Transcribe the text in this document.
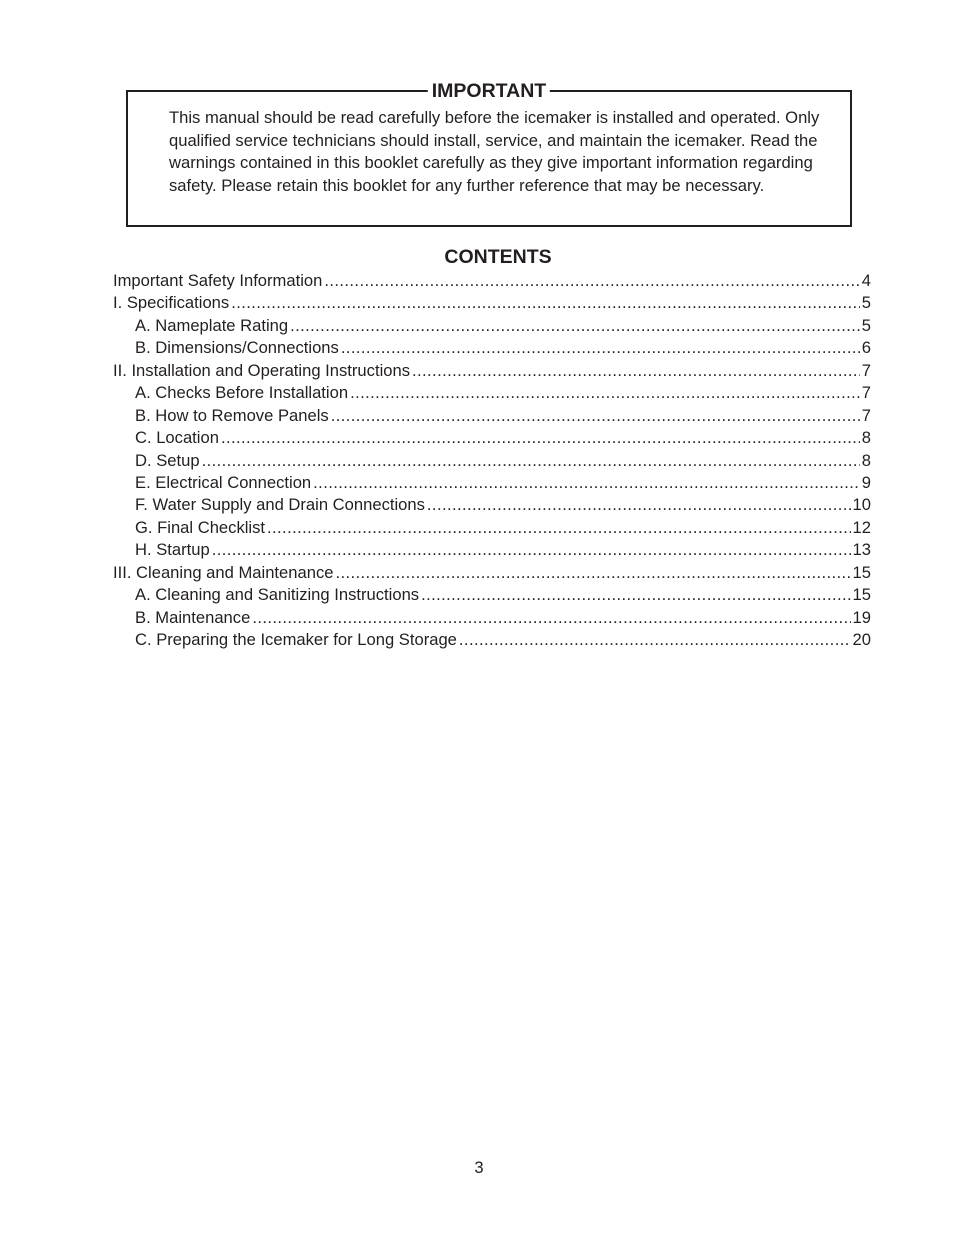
IMPORTANT

This manual should be read carefully before the icemaker is installed and operated. Only qualified service technicians should install, service, and maintain the icemaker. Read the warnings contained in this booklet carefully as they give important information regarding safety. Please retain this booklet for any further reference that may be necessary.

CONTENTS
Important Safety Information .....	4
I. Specifications .....	5
A. Nameplate Rating .....	5
B. Dimensions/Connections .....	6
II. Installation and Operating Instructions .....	7
A. Checks Before Installation .....	7
B. How to Remove Panels .....	7
C. Location .....	8
D. Setup .....	8
E. Electrical Connection .....	9
F. Water Supply and Drain Connections .....	10
G. Final Checklist .....	12
H. Startup .....	13
III. Cleaning and Maintenance .....	15
A. Cleaning and Sanitizing Instructions .....	15
B. Maintenance .....	19
C. Preparing the Icemaker for Long Storage .....	20
3
